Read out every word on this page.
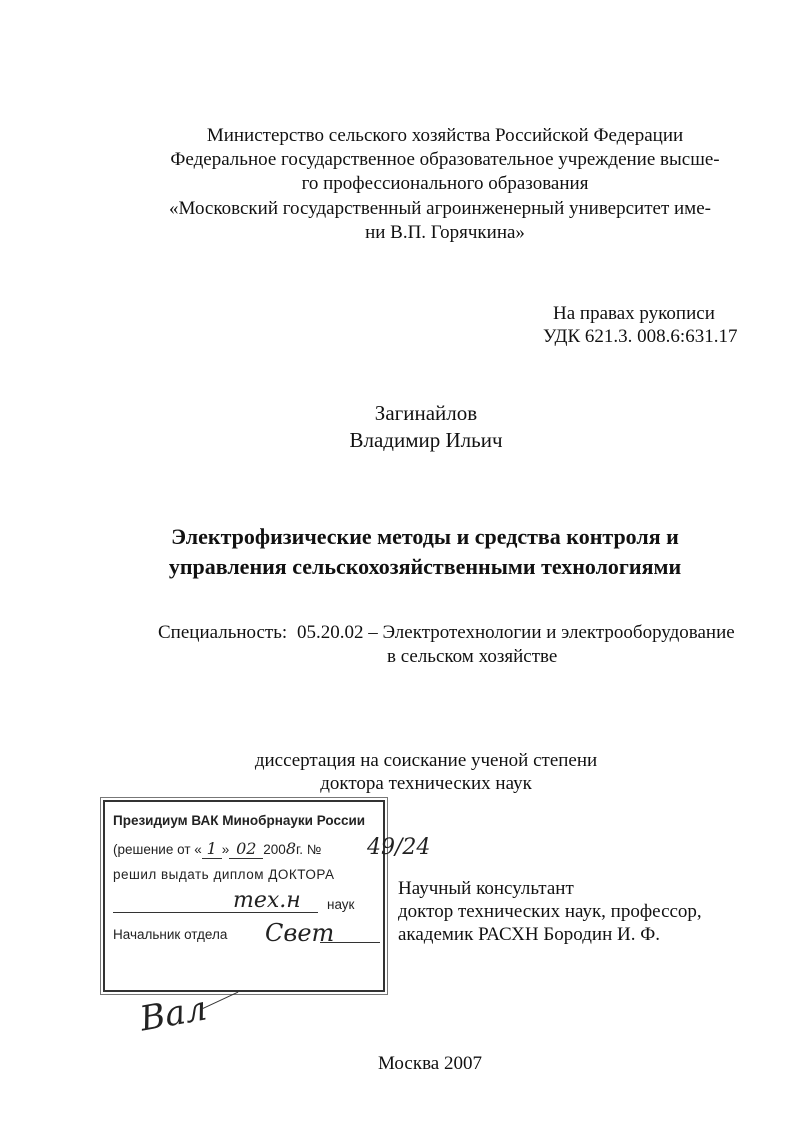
Министерство сельского хозяйства Российской Федерации
Федеральное государственное образовательное учреждение высше-
го профессионального образования
«Московский государственный агроинженерный университет име-
ни В.П. Горячкина»
На правах рукописи
УДК 621.3. 008.6:631.17
Загинайлов
Владимир Ильич
Электрофизические методы и средства контроля и
управления сельскохозяйственными технологиями
Специальность: 05.20.02 – Электротехнологии и электрооборудование
в сельском хозяйстве
диссертация на соискание ученой степени
доктора технических наук
Президиум ВАК Минобрнауки России
(решение от « 1 » 02 2008г. № 49/24
решил выдать диплом ДОКТОРА
тех.н наук
Начальник отдела Свет
Вал
Научный консультант
доктор технических наук, профессор,
академик РАСХН Бородин И. Ф.
Москва 2007
